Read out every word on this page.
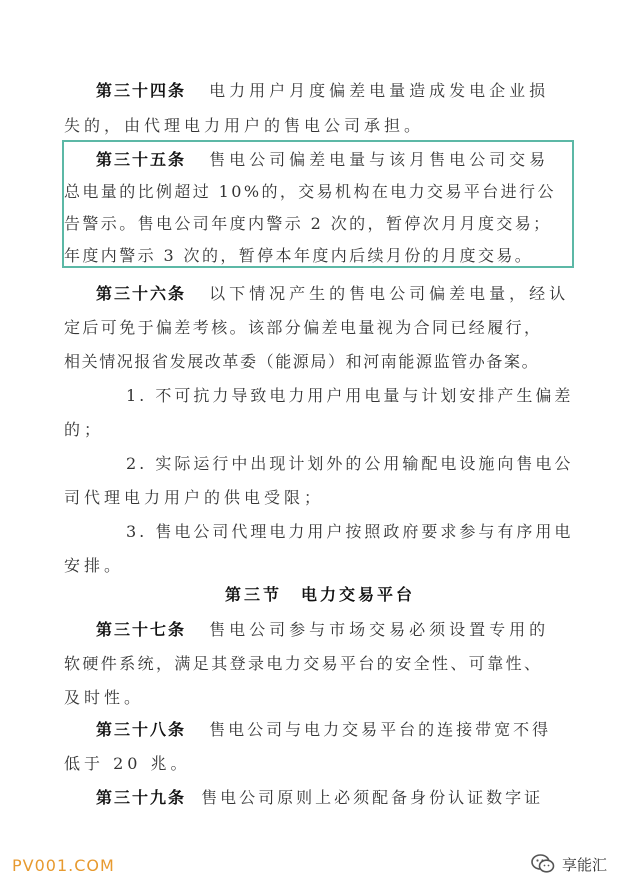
第三十四条 电力用户月度偏差电量造成发电企业损
失的，由代理电力用户的售电公司承担。
第三十五条 售电公司偏差电量与该月售电公司交易
总电量的比例超过 10%的，交易机构在电力交易平台进行公
告警示。售电公司年度内警示 2 次的，暂停次月月度交易；
年度内警示 3 次的，暂停本年度内后续月份的月度交易。
第三十六条 以下情况产生的售电公司偏差电量，经认
定后可免于偏差考核。该部分偏差电量视为合同已经履行，
相关情况报省发展改革委（能源局）和河南能源监管办备案。
1. 不可抗力导致电力用户用电量与计划安排产生偏差
的；
2. 实际运行中出现计划外的公用输配电设施向售电公
司代理电力用户的供电受限；
3. 售电公司代理电力用户按照政府要求参与有序用电
安排。
第三节　电力交易平台
第三十七条 售电公司参与市场交易必须设置专用的
软硬件系统，满足其登录电力交易平台的安全性、可靠性、
及时性。
第三十八条 售电公司与电力交易平台的连接带宽不得
低于 20 兆。
第三十九条 售电公司原则上必须配备身份认证数字证
PV001.COM	享能汇
